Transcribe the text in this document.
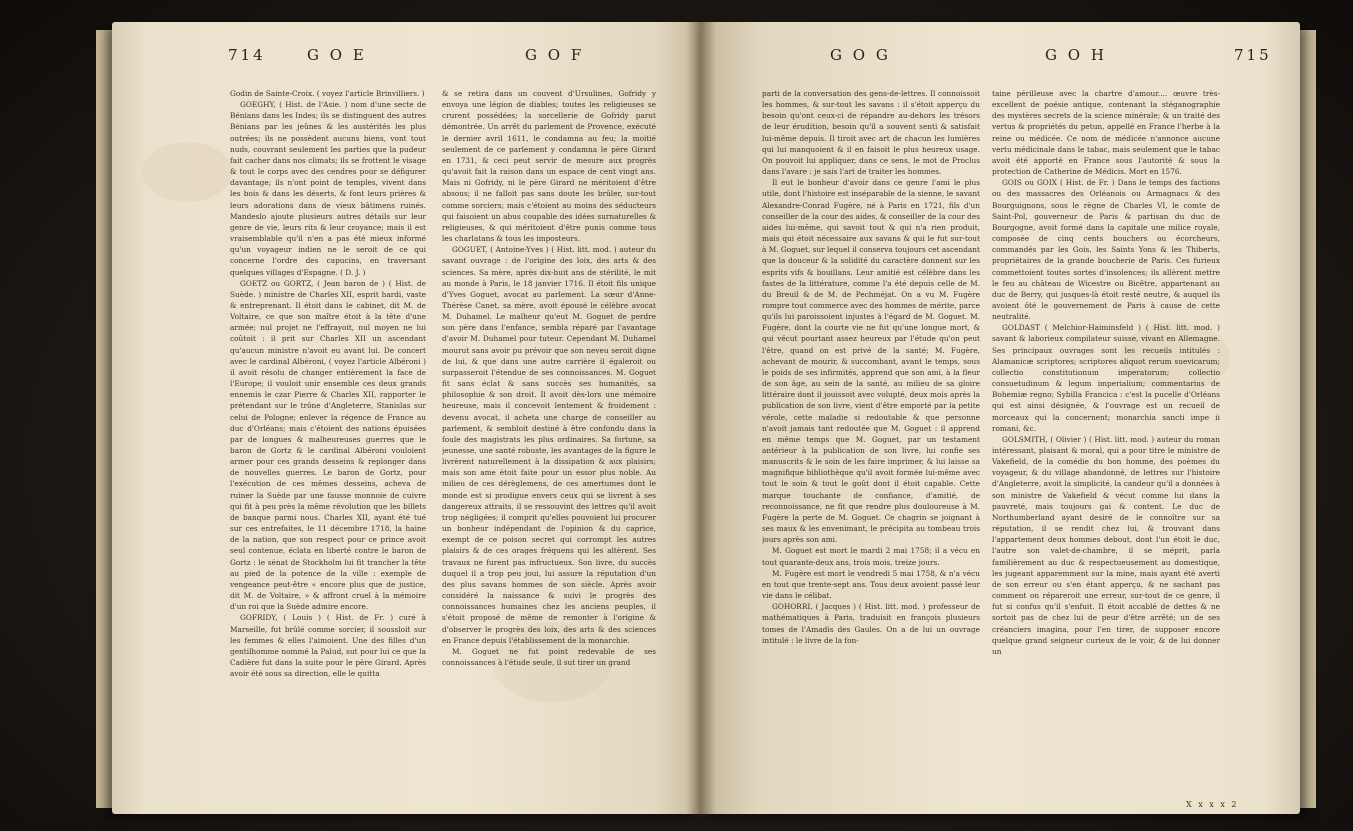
714	G O E	G O F	G O G	G O H	715

Godin de Sainte-Croix. ( voyez l'article Brinvilliers. )

GOEGHY, ( Hist. de l'Asie. ) nom d'une secte de Bénians dans les Indes; ils se distinguent des autres Bénians par les jeûnes & les austérités les plus outrées; ils ne possèdent aucuns biens, vont tout nuds, couvrant seulement les parties que la pudeur fait cacher dans nos climats; ils se frottent le visage & tout le corps avec des cendres pour se défigurer davantage; ils n'ont point de temples, vivent dans les bois & dans les déserts, & font leurs prières & leurs adorations dans de vieux bâtimens ruinés. Mandeslo ajoute plusieurs autres détails sur leur genre de vie, leurs rits & leur croyance; mais il est vraisemblable qu'il n'en a pas été mieux informé qu'un voyageur indien ne le seroit de ce qui concerne l'ordre des capucins, en traversant quelques villages d'Espagne. ( D. J. )

GOETZ ou GORTZ, ( Jean baron de ) ( Hist. de Suède. ) ministre de Charles XII, esprit hardi, vaste & entreprenant. Il étoit dans le cabinet, dit M. de Voltaire, ce que son maître étoit à la tête d'une armée; nul projet ne l'effrayoit, nul moyen ne lui coûtoit : il prit sur Charles XII un ascendant qu'aucun ministre n'avoit eu avant lui. De concert avec le cardinal Albéroni, ( voyez l'article Albéroni ) il avoit résolu de changer entièrement la face de l'Europe; il vouloit unir ensemble ces deux grands ennemis le czar Pierre & Charles XII, rapporter le prétendant sur le trône d'Angleterre, Stanislas sur celui de Pologne; enlever la régence de France au duc d'Orléans; mais c'étoient des nations épuisées par de longues & malheureuses guerres que le baron de Gortz & le cardinal Albéroni vouloient armer pour ces grands desseins & replonger dans de nouvelles guerres. Le baron de Gortz, pour l'exécution de ces mêmes desseins, acheva de ruiner la Suède par une fausse monnoie de cuivre qui fit à peu près la même révolution que les billets de banque parmi nous. Charles XII, ayant été tué sur ces entrefaites, le 11 décembre 1718, la haine de la nation, que son respect pour ce prince avoit seul contenue, éclata en liberté contre le baron de Gortz : le sénat de Stockholm lui fit trancher la tête au pied de la potence de la ville : exemple de vengeance peut-être « encore plus que de justice, dit M. de Voltaire, » & affront cruel à la mémoire d'un roi que la Suède admire encore.

GOFRIDY, ( Louis ) ( Hist. de Fr. ) curé à Marseille, fut brûlé comme sorcier, il soussloit sur les femmes & elles l'aimoient. Une des filles d'un gentilhomme nommé la Palud, sut pour lui ce que la Cadière fut dans la suite pour le père Girard. Après avoir été sous sa direction, elle le quitta

& se retira dans un couvent d'Ursulines, Gofridy y envoya une légion de diables; toutes les religieuses se crurent possédées; la sorcellerie de Gofridy parut démontrée. Un arrêt du parlement de Provence, exécuté le dernier avril 1611, le condamna au feu; la moitié seulement de ce parlement y condamna le père Girard en 1731, & ceci peut servir de mesure aux progrès qu'avoit fait la raison dans un espace de cent vingt ans. Mais ni Gofridy, ni le père Girard ne méritoient d'être absous; il ne falloit pas sans doute les brûler, sur-tout comme sorciers; mais c'étoient au moins des séducteurs qui faisoient un abus coupable des idées surnaturelles & religieuses, & qui méritoient d'être punis comme tous les charlatans & tous les imposteurs.

GOGUET, ( Antoine-Yves ) ( Hist. litt. mod. ) auteur du savant ouvrage : de l'origine des loix, des arts & des sciences. Sa mère, après dix-huit ans de stérilité, le mit au monde à Paris, le 18 janvier 1716. Il étoit fils unique d'Yves Goguet, avocat au parlement. La sœur d'Anne-Thérèse Canet, sa mère, avoit épousé le célèbre avocat M. Duhamel. Le malheur qu'eut M. Goguet de perdre son père dans l'enfance, sembla réparé par l'avantage d'avoir M. Duhamel pour tuteur. Cependant M. Duhamel mourut sans avoir pu prévoir que son neveu seroit digne de lui, & que dans une autre carrière il égaleroit ou surpasseroit l'étendue de ses connoissances. M. Goguet fit sans éclat & sans succès ses humanités, sa philosophie & son droit. Il avoit dès-lors une mémoire heureuse, mais il concevoit lentement & froidement : devenu avocat, il acheta une charge de conseiller au parlement, & sembloit destiné à être confondu dans la foule des magistrats les plus ordinaires. Sa fortune, sa jeunesse, une santé robuste, les avantages de la figure le livrèrent naturellement à la dissipation & aux plaisirs; mais son ame étoit faite pour un essor plus noble. Au milieu de ces dérèglemens, de ces amertumes dont le monde est si prodigue envers ceux qui se livrent à ses dangereux attraits, il se ressouvint des lettres qu'il avoit trop négligées; il comprit qu'elles pouvoient lui procurer un bonheur indépendant de l'opinion & du caprice, exempt de ce poison secret qui corrompt les autres plaisirs & de ces orages fréquens qui les altèrent. Ses travaux ne furent pas infructueux. Son livre, du succès duquel il a trop peu joui, lui assure la réputation d'un des plus savans hommes de son siècle. Après avoir considéré la naissance & suivi le progrès des connoissances humaines chez les anciens peuples, il s'étoit proposé de même de remonter à l'origine & d'observer le progrès des loix, des arts & des sciences en France depuis l'établissement de la monarchie.

M. Goguet ne fut point redevable de ses connoissances à l'étude seule, il sut tirer un grand

parti de la conversation des gens-de-lettres. Il connoissoit les hommes, & sur-tout les savans : il s'étoit apperçu du besoin qu'ont ceux-ci de répandre au-dehors les trésors de leur érudition, besoin qu'il a souvent senti & satisfait lui-même depuis. Il tiroit avec art de chacun les lumières qui lui manquoient & il en faisoit le plus heureux usage. On pouvoit lui appliquer, dans ce sens, le mot de Proclus dans l'avare : je sais l'art de traiter les hommes.

Il eut le bonheur d'avoir dans ce genre l'ami le plus utile, dont l'histoire est inséparable de la sienne, le savant Alexandre-Conrad Fugère, né à Paris en 1721, fils d'un conseiller de la cour des aides, & conseiller de la cour des aides lui-même, qui savoit tout & qui n'a rien produit, mais qui étoit nécessaire aux savans & qui le fut sur-tout à M. Goguet, sur lequel il conserva toujours cet ascendant que la douceur & la solidité du caractère donnent sur les esprits vifs & bouillans. Leur amitié est célèbre dans les fastes de la littérature, comme l'a été depuis celle de M. du Breuil & de M. de Pechméjat. On a vu M. Fugère rompre tout commerce avec des hommes de mérite, parce qu'ils lui paroissoient injustes à l'égard de M. Goguet. M. Fugère, dont la courte vie ne fut qu'une longue mort, & qui vécut pourtant assez heureux par l'étude qu'on peut l'être, quand on est privé de la santé; M. Fugère, achevant de mourir, & succombant, avant le temps, sous le poids de ses infirmités, apprend que son ami, à la fleur de son âge, au sein de la santé, au milieu de sa gloire littéraire dont il jouissoit avec volupté, deux mois après la publication de son livre, vient d'être emporté par la petite vérole, cette maladie si redoutable & que personne n'avoit jamais tant redoutée que M. Goguet : il apprend en même temps que M. Goguet, par un testament antérieur à la publication de son livre, lui confie ses manuscrits & le soin de les faire imprimer, & lui laisse sa magnifique bibliothèque qu'il avoit formée lui-même avec tout le soin & tout le goût dont il étoit capable. Cette marque touchante de confiance, d'amitié, de reconnoissance, ne fit que rendre plus douloureuse à M. Fugère la perte de M. Goguet. Ce chagrin se joignant à ses maux & les envenimant, le précipita au tombeau trois jours après son ami.

M. Goguet est mort le mardi 2 mai 1758; il a vécu en tout quarante-deux ans, trois mois, treize jours.

M. Fugère est mort le vendredi 5 mai 1758, & n'a vécu en tout que trente-sept ans. Tous deux avoient passé leur vie dans le célibat.

GOHORRI, ( Jacques ) ( Hist. litt. mod. ) professeur de mathématiques à Paris, traduisit en françois plusieurs tomes de l'Amadis des Gaules. On a de lui un ouvrage intitulé : le livre de la fon-

taine périlleuse avec la chartre d'amour.... œuvre très-excellent de poésie antique, contenant la stéganographie des mystères secrets de la science minérale; & un traité des vertus & propriétés du petun, appellé en France l'herbe à la reine ou médicée. Ce nom de médicée n'annonce aucune vertu médicinale dans le tabac, mais seulement que le tabac avoit été apporté en France sous l'autorité & sous la protection de Catherine de Médicis. Mort en 1576.

GOIS ou GOIX ( Hist. de Fr. ) Dans le temps des factions ou des massacres des Orléanois ou Armagnacs & des Bourguignons, sous le règne de Charles VI, le comte de Saint-Pol, gouverneur de Paris & partisan du duc de Bourgogne, avoit formé dans la capitale une milice royale, composée de cinq cents bouchers ou écorcheurs, commandés par les Gois, les Saints Yons & les Thiberts, propriétaires de la grande boucherie de Paris. Ces furieux commettoient toutes sortes d'insolences; ils allèrent mettre le feu au château de Wicestre ou Bicêtre, appartenant au duc de Berry, qui jusques-là étoit resté neutre, & auquel ils avoient ôté le gouvernement de Paris à cause de cette neutralité.

GOLDAST ( Melchior-Haiminsfeld ) ( Hist. litt. mod. ) savant & laborieux compilateur suisse, vivant en Allemagne. Ses principaux ouvrages sont les recueils intitulés : Alamanicæ scriptores; scriptores aliquot rerum suevicarum; collectio constitutionum imperatorum; collectio consuetudinum & legum imperialium; commentarius de Bohemiæ regno; Sybilla Francica : c'est la pucelle d'Orléans qui est ainsi désignée, & l'ouvrage est un recueil de morceaux qui la concernent; monarchia sancti impe ii romani, &c.

GOLSMITH, ( Olivier ) ( Hist. litt. mod. ) auteur du roman intéressant, plaisant & moral, qui a pour titre le ministre de Vakefield, de la comédie du bon homme, des poèmes du voyageur, & du village abandonné, de lettres sur l'histoire d'Angleterre, avoit la simplicité, la candeur qu'il a données à son ministre de Vakefield & vécut comme lui dans la pauvreté, mais toujours gai & content. Le duc de Northumberland ayant desiré de le connoître sur sa réputation, il se rendit chez lui, & trouvant dans l'appartement deux hommes debout, dont l'un étoit le duc, l'autre son valet-de-chambre, il se méprit, parla familièrement au duc & respectueusement au domestique, les jugeant apparemment sur la mine, mais ayant été averti de son erreur ou s'en étant apperçu, & ne sachant pas comment on répareroit une erreur, sur-tout de ce genre, il fut si confus qu'il s'enfuit. Il étoit accablé de dettes & ne sortoit pas de chez lui de peur d'être arrêté; un de ses créanciers imagina, pour l'en tirer, de supposer encore quelque grand seigneur curieux de le voir, & de lui donner un

X x x x 2
